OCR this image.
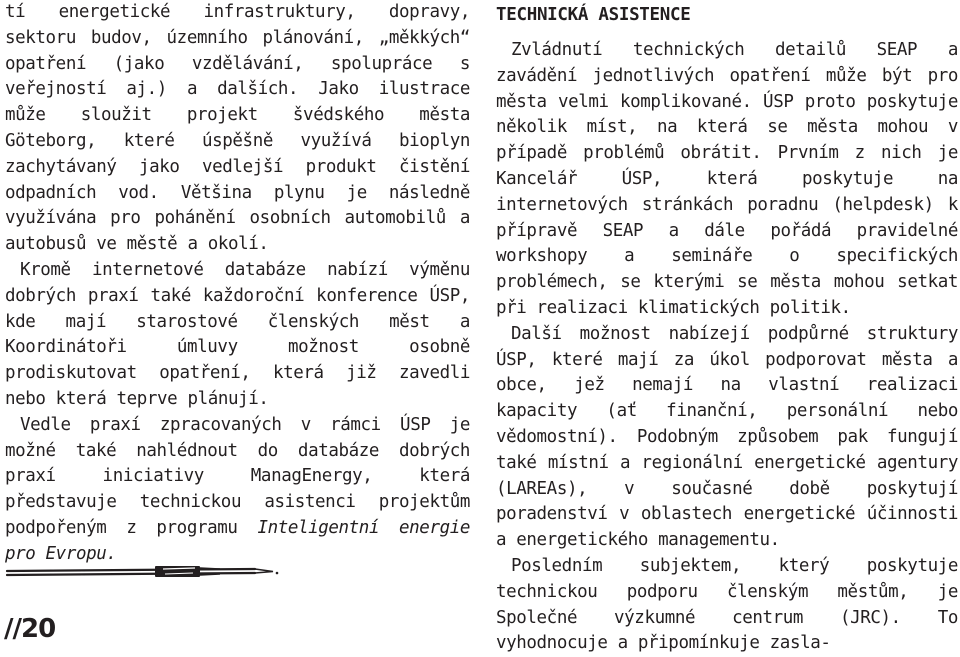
tí energetické infrastruktury, dopravy, sektoru budov, územního plánování, „měkkých“ opatření (jako vzdělávání, spolupráce s veřejností aj.) a dalších. Jako ilustrace může sloužit projekt švédského města Göteborg, které úspěšně využívá bioplyn zachytávaný jako vedlejší produkt čistění odpadních vod. Většina plynu je následně využívána pro pohánění osobních automobilů a autobusů ve městě a okolí.

Kromě internetové databáze nabízí výměnu dobrých praxí také každoroční konference ÚSP, kde mají starostové členských měst a Koordinátoři úmluvy možnost osobně prodiskutovat opatření, která již zavedli nebo která teprve plánují.

Vedle praxí zpracovaných v rámci ÚSP je možné také nahlédnout do databáze dobrých praxí iniciativy ManagEnergy, která představuje technickou asistenci projektům podpořeným z programu Inteligentní energie pro Evropu.

//20
TECHNICKÁ ASISTENCE

Zvládnutí technických detailů SEAP a zavádění jednotlivých opatření může být pro města velmi komplikované. ÚSP proto poskytuje několik míst, na která se města mohou v případě problémů obrátit. Prvním z nich je Kancelář ÚSP, která poskytuje na internetových stránkách poradnu (helpdesk) k přípravě SEAP a dále pořádá pravidelné workshopy a semináře o specifických problémech, se kterými se města mohou setkat při realizaci klimatických politik.

Další možnost nabízejí podpůrné struktury ÚSP, které mají za úkol podporovat města a obce, jež nemají na vlastní realizaci kapacity (ať finanční, personální nebo vědomostní). Podobným způsobem pak fungují také místní a regionální energetické agentury (LAREAs), v současné době poskytují poradenství v oblastech energetické účinnosti a energetického managementu.

Posledním subjektem, který poskytuje technickou podporu členským městům, je Společné výzkumné centrum (JRC). To vyhodnocuje a připomínkuje zasla-
